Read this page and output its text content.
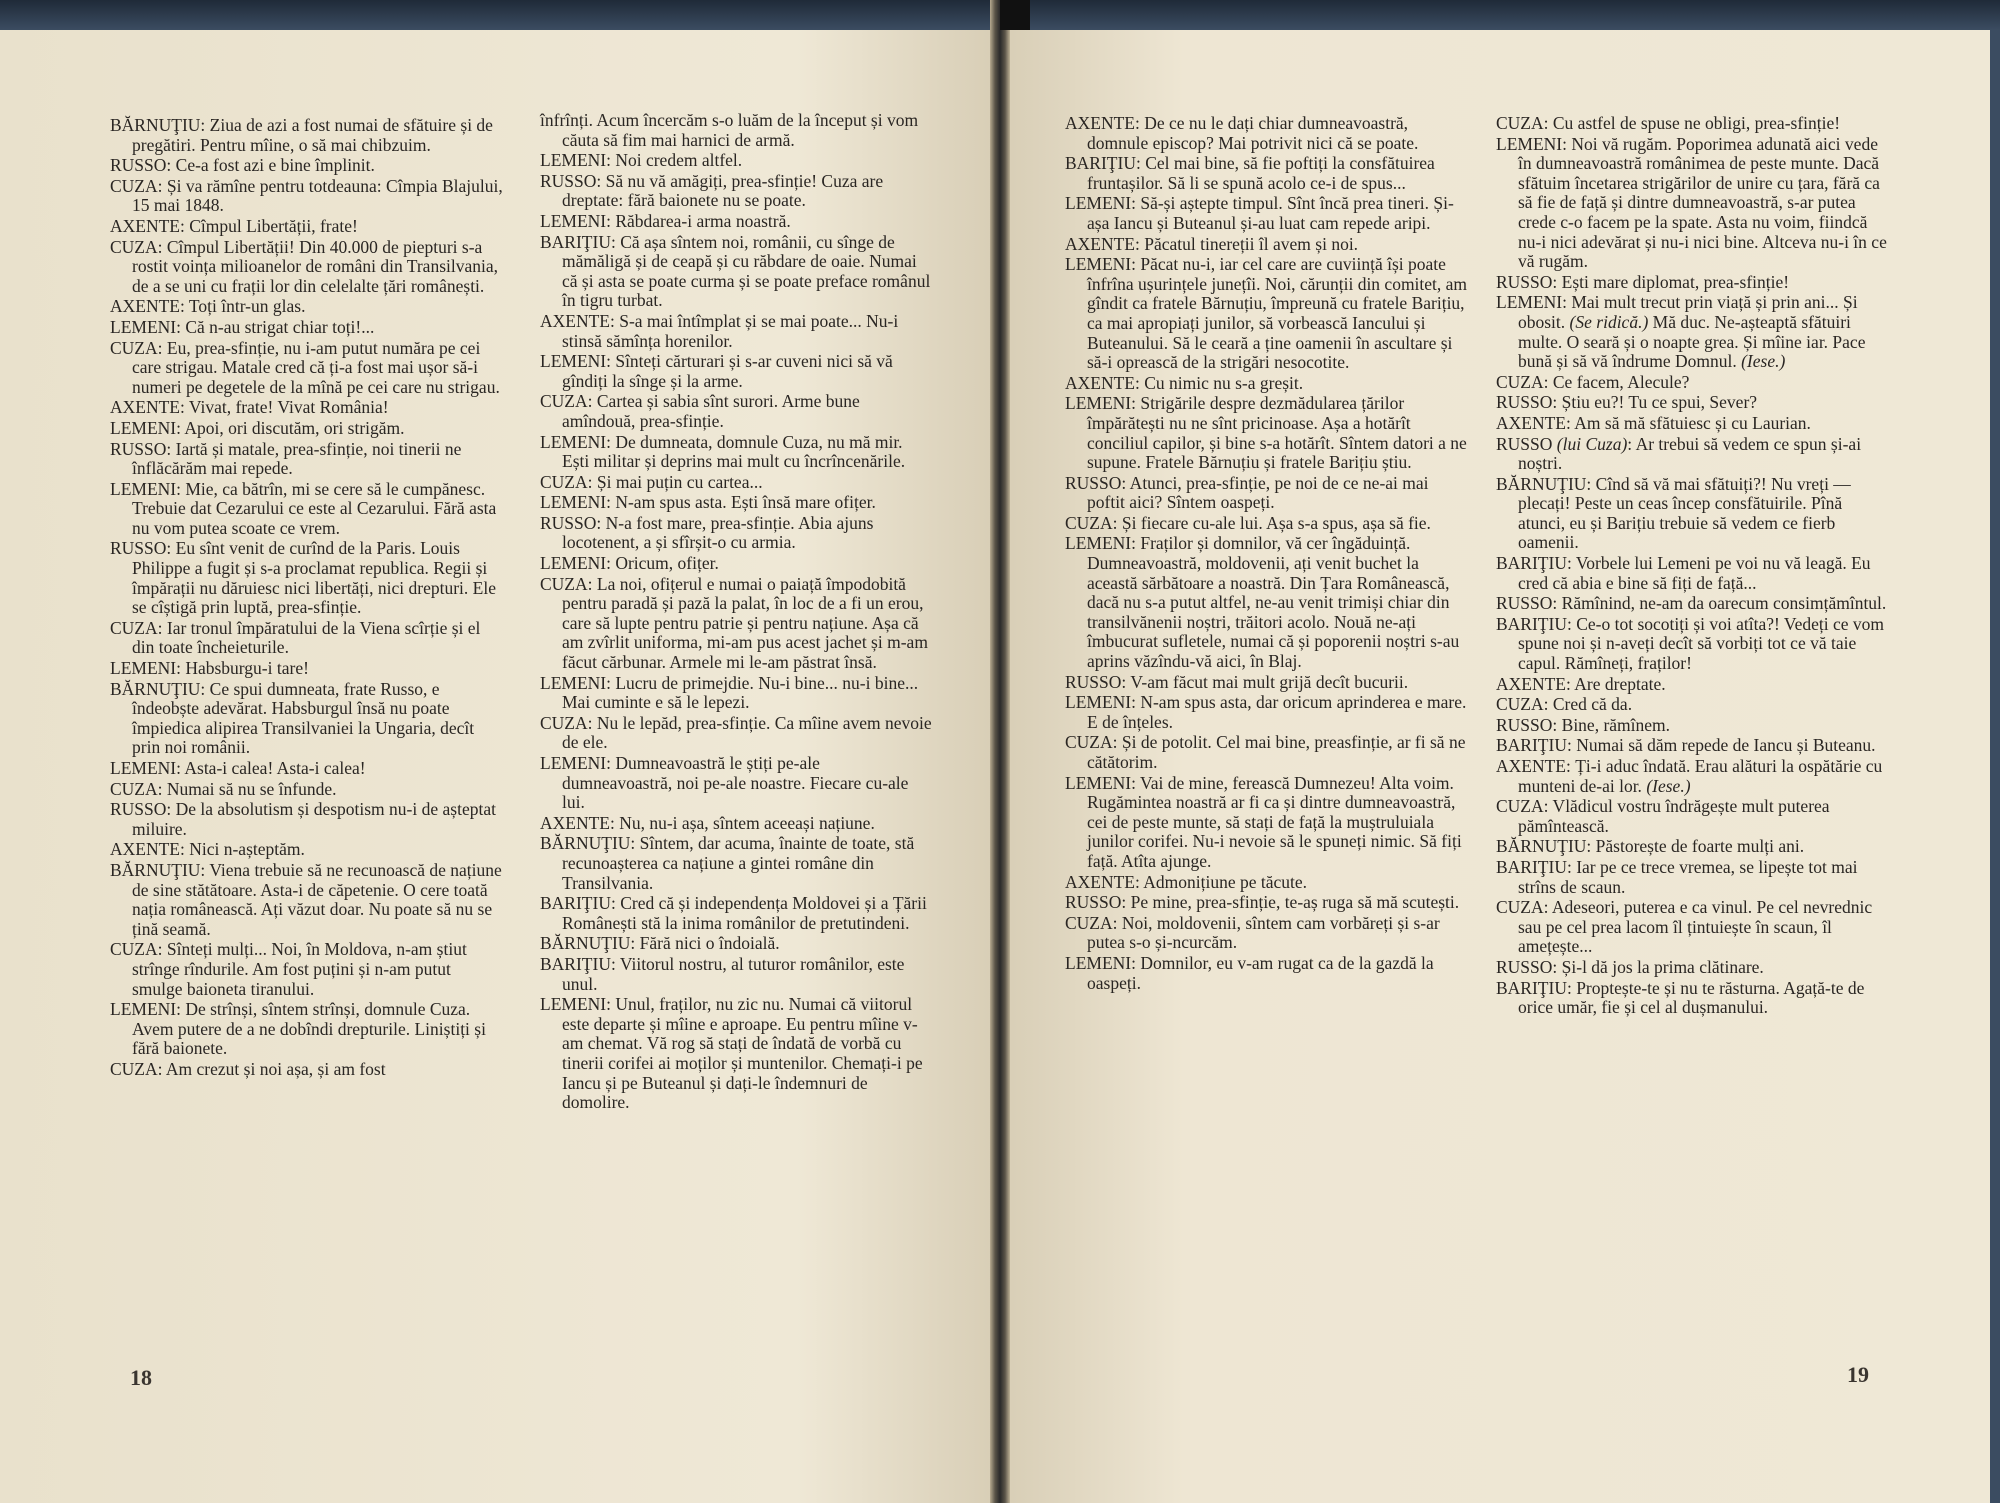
BĂRNUŢIU: Ziua de azi a fost numai de sfătuire și de pregătiri. Pentru mîine, o să mai chibzuim.

RUSSO: Ce-a fost azi e bine împlinit.

CUZA: Și va rămîne pentru totdeauna: Cîmpia Blajului, 15 mai 1848.

AXENTE: Cîmpul Libertății, frate!

CUZA: Cîmpul Libertății! Din 40.000 de piepturi s-a rostit voința milioanelor de români din Transilvania, de a se uni cu frații lor din celelalte țări românești.

AXENTE: Toți într-un glas.

LEMENI: Că n-au strigat chiar toți!...

CUZA: Eu, prea-sfinție, nu i-am putut număra pe cei care strigau. Matale cred că ți-a fost mai ușor să-i numeri pe degetele de la mînă pe cei care nu strigau.

AXENTE: Vivat, frate! Vivat România!

LEMENI: Apoi, ori discutăm, ori strigăm.

RUSSO: Iartă și matale, prea-sfinție, noi tinerii ne înflăcărăm mai repede.

LEMENI: Mie, ca bătrîn, mi se cere să le cumpănesc. Trebuie dat Cezarului ce este al Cezarului. Fără asta nu vom putea scoate ce vrem.

RUSSO: Eu sînt venit de curînd de la Paris. Louis Philippe a fugit și s-a proclamat republica. Regii și împărații nu dăruiesc nici libertăți, nici drepturi. Ele se cîștigă prin luptă, prea-sfinție.

CUZA: Iar tronul împăratului de la Viena scîrție și el din toate încheieturile.

LEMENI: Habsburgu-i tare!

BĂRNUŢIU: Ce spui dumneata, frate Russo, e îndeobște adevărat. Habsburgul însă nu poate împiedica alipirea Transilvaniei la Ungaria, decît prin noi românii.

LEMENI: Asta-i calea! Asta-i calea!

CUZA: Numai să nu se înfunde.

RUSSO: De la absolutism și despotism nu-i de așteptat miluire.

AXENTE: Nici n-așteptăm.

BĂRNUŢIU: Viena trebuie să ne recunoască de națiune de sine stătătoare. Asta-i de căpetenie. O cere toată nația românească. Ați văzut doar. Nu poate să nu se țină seamă.

CUZA: Sînteți mulți... Noi, în Moldova, n-am știut strînge rîndurile. Am fost puțini și n-am putut smulge baioneta tiranului.

LEMENI: De strînși, sîntem strînși, domnule Cuza. Avem putere de a ne dobîndi drepturile. Liniștiți și fără baionete.

CUZA: Am crezut și noi așa, și am fost

înfrînți. Acum încercăm s-o luăm de la început și vom căuta să fim mai harnici de armă.

LEMENI: Noi credem altfel.

RUSSO: Să nu vă amăgiți, prea-sfinție! Cuza are dreptate: fără baionete nu se poate.

LEMENI: Răbdarea-i arma noastră.

BARIŢIU: Că așa sîntem noi, românii, cu sînge de mămăligă și de ceapă și cu răbdare de oaie. Numai că și asta se poate curma și se poate preface românul în tigru turbat.

AXENTE: S-a mai întîmplat și se mai poate... Nu-i stinsă sămînța horenilor.

LEMENI: Sînteți cărturari și s-ar cuveni nici să vă gîndiți la sînge și la arme.

CUZA: Cartea și sabia sînt surori. Arme bune amîndouă, prea-sfinție.

LEMENI: De dumneata, domnule Cuza, nu mă mir. Ești militar și deprins mai mult cu încrîncenările.

CUZA: Și mai puțin cu cartea...

LEMENI: N-am spus asta. Ești însă mare ofițer.

RUSSO: N-a fost mare, prea-sfinție. Abia ajuns locotenent, a și sfîrșit-o cu armia.

LEMENI: Oricum, ofițer.

CUZA: La noi, ofițerul e numai o paiață împodobită pentru paradă și pază la palat, în loc de a fi un erou, care să lupte pentru patrie și pentru națiune. Așa că am zvîrlit uniforma, mi-am pus acest jachet și m-am făcut cărbunar. Armele mi le-am păstrat însă.

LEMENI: Lucru de primejdie. Nu-i bine... nu-i bine... Mai cuminte e să le lepezi.

CUZA: Nu le lepăd, prea-sfinție. Ca mîine avem nevoie de ele.

LEMENI: Dumneavoastră le știți pe-ale dumneavoastră, noi pe-ale noastre. Fiecare cu-ale lui.

AXENTE: Nu, nu-i așa, sîntem aceeași națiune.

BĂRNUŢIU: Sîntem, dar acuma, înainte de toate, stă recunoașterea ca națiune a gintei române din Transilvania.

BARIŢIU: Cred că și independența Moldovei și a Țării Românești stă la inima românilor de pretutindeni.

BĂRNUŢIU: Fără nici o îndoială.

BARIŢIU: Viitorul nostru, al tuturor românilor, este unul.

LEMENI: Unul, fraților, nu zic nu. Numai că viitorul este departe și mîine e aproape. Eu pentru mîine v-am chemat. Vă rog să stați de îndată de vorbă cu tinerii corifei ai moților și muntenilor. Chemați-i pe Iancu și pe Buteanul și dați-le îndemnuri de domolire.

18

AXENTE: De ce nu le dați chiar dumneavoastră, domnule episcop? Mai potrivit nici că se poate.

BARIŢIU: Cel mai bine, să fie poftiți la consfătuirea fruntașilor. Să li se spună acolo ce-i de spus...

LEMENI: Să-și aștepte timpul. Sînt încă prea tineri. Și-așa Iancu și Buteanul și-au luat cam repede aripi.

AXENTE: Păcatul tinereții îl avem și noi.

LEMENI: Păcat nu-i, iar cel care are cuviință își poate înfrîna ușurințele junețîi. Noi, cărunții din comitet, am gîndit ca fratele Bărnuțiu, împreună cu fratele Barițiu, ca mai apropiați junilor, să vorbească Iancului și Buteanului. Să le ceară a ține oamenii în ascultare și să-i oprească de la strigări nesocotite.

AXENTE: Cu nimic nu s-a greșit.

LEMENI: Strigările despre dezmădularea țărilor împărătești nu ne sînt pricinoase. Așa a hotărît conciliul capilor, și bine s-a hotărît. Sîntem datori a ne supune. Fratele Bărnuțiu și fratele Barițiu știu.

RUSSO: Atunci, prea-sfinție, pe noi de ce ne-ai mai poftit aici? Sîntem oaspeți.

CUZA: Și fiecare cu-ale lui. Așa s-a spus, așa să fie.

LEMENI: Fraților și domnilor, vă cer îngăduință. Dumneavoastră, moldovenii, ați venit buchet la această sărbătoare a noastră. Din Țara Românească, dacă nu s-a putut altfel, ne-au venit trimiși chiar din transilvănenii noștri, trăitori acolo. Nouă ne-ați îmbucurat sufletele, numai că și poporenii noștri s-au aprins văzîndu-vă aici, în Blaj.

RUSSO: V-am făcut mai mult grijă decît bucurii.

LEMENI: N-am spus asta, dar oricum aprinderea e mare. E de înțeles.

CUZA: Și de potolit. Cel mai bine, preasfinție, ar fi să ne cătătorim.

LEMENI: Vai de mine, ferească Dumnezeu! Alta voim. Rugămintea noastră ar fi ca și dintre dumneavoastră, cei de peste munte, să stați de față la muștruluiala junilor corifei. Nu-i nevoie să le spuneți nimic. Să fiți față. Atîta ajunge.

AXENTE: Admonițiune pe tăcute.

RUSSO: Pe mine, prea-sfinție, te-aș ruga să mă scutești.

CUZA: Noi, moldovenii, sîntem cam vorbăreți și s-ar putea s-o și-ncurcăm.

LEMENI: Domnilor, eu v-am rugat ca de la gazdă la oaspeți.

CUZA: Cu astfel de spuse ne obligi, prea-sfinție!

LEMENI: Noi vă rugăm. Poporimea adunată aici vede în dumneavoastră românimea de peste munte. Dacă sfătuim încetarea strigărilor de unire cu țara, fără ca să fie de față și dintre dumneavoastră, s-ar putea crede c-o facem pe la spate. Asta nu voim, fiindcă nu-i nici adevărat și nu-i nici bine. Altceva nu-i în ce vă rugăm.

RUSSO: Ești mare diplomat, prea-sfinție!

LEMENI: Mai mult trecut prin viață și prin ani... Și obosit. (Se ridică.) Mă duc. Ne-așteaptă sfătuiri multe. O seară și o noapte grea. Și mîine iar. Pace bună și să vă îndrume Domnul. (Iese.)

CUZA: Ce facem, Alecule?

RUSSO: Știu eu?! Tu ce spui, Sever?

AXENTE: Am să mă sfătuiesc și cu Laurian.

RUSSO (lui Cuza): Ar trebui să vedem ce spun și-ai noștri.

BĂRNUŢIU: Cînd să vă mai sfătuiți?! Nu vreți — plecați! Peste un ceas încep consfătuirile. Pînă atunci, eu și Barițiu trebuie să vedem ce fierb oamenii.

BARIŢIU: Vorbele lui Lemeni pe voi nu vă leagă. Eu cred că abia e bine să fiți de față...

RUSSO: Rămînind, ne-am da oarecum consimțămîntul.

BARIŢIU: Ce-o tot socotiți și voi atîta?! Vedeți ce vom spune noi și n-aveți decît să vorbiți tot ce vă taie capul. Rămîneți, fraților!

AXENTE: Are dreptate.

CUZA: Cred că da.

RUSSO: Bine, rămînem.

BARIŢIU: Numai să dăm repede de Iancu și Buteanu.

AXENTE: Ți-i aduc îndată. Erau alături la ospătărie cu munteni de-ai lor. (Iese.)

CUZA: Vlădicul vostru îndrăgește mult puterea pămîntească.

BĂRNUŢIU: Păstorește de foarte mulți ani.

BARIŢIU: Iar pe ce trece vremea, se lipește tot mai strîns de scaun.

CUZA: Adeseori, puterea e ca vinul. Pe cel nevrednic sau pe cel prea lacom îl țintuiește în scaun, îl amețește...

RUSSO: Și-l dă jos la prima clătinare.

BARIŢIU: Proptește-te și nu te răsturna. Agață-te de orice umăr, fie și cel al dușmanului.

19
